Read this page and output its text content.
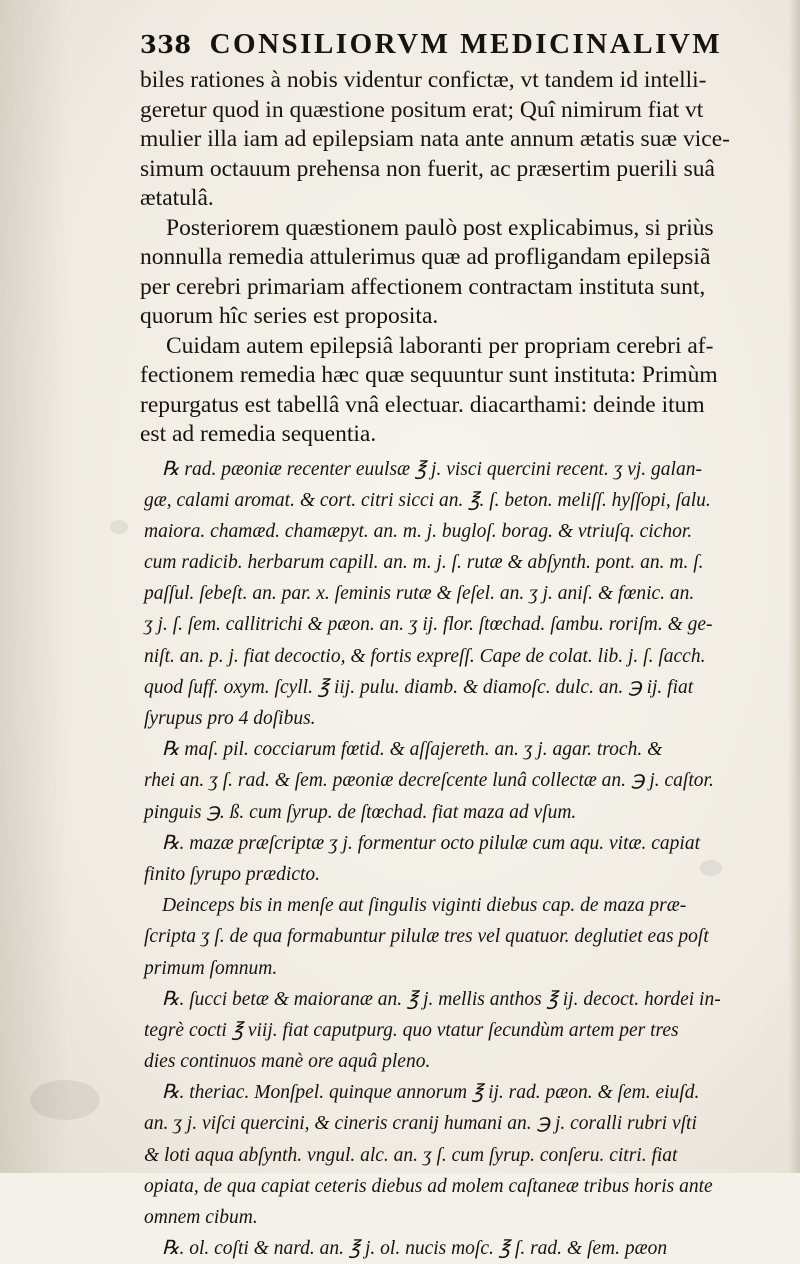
338 CONSILIORVM MEDICINALIVM
biles rationes à nobis videntur confictæ, vt tandem id intelli-
geretur quod in quæstione positum erat; Quî nimirum fiat vt
mulier illa iam ad epilepsiam nata ante annum ætatis suæ vice-
simum octauum prehensa non fuerit, ac præsertim puerili suâ
ætatulâ.
Posteriorem quæstionem paulò post explicabimus, si priùs
nonnulla remedia attulerimus quæ ad profligandam epilepsiã
per cerebri primariam affectionem contractam instituta sunt,
quorum hîc series est proposita.
Cuidam autem epilepsiâ laboranti per propriam cerebri af-
fectionem remedia hæc quæ sequuntur sunt instituta: Primùm
repurgatus est tabellâ vnâ electuar. diacarthami: deinde itum
est ad remedia sequentia.
℞ rad. pæoniæ recenter euulsæ ℥ j. visci quercini recent. ʒ vj. galan-
gæ, calami aromat. & cort. citri sicci an. ℥. ſ. beton. meliſſ. hyſſopi, ſalu.
maiora. chamæd. chamæpyt. an. m. j. bugloſ. borag. & vtriuſq. cichor.
cum radicib. herbarum capill. an. m. j. ſ. rutæ & abſynth. pont. an. m. ſ.
paſſul. ſebeſt. an. par. x. ſeminis rutæ & ſeſel. an. ʒ j. aniſ. & fœnic. an.
ʒ j. ſ. ſem. callitrichi & pæon. an. ʒ ij. flor. ſtœchad. ſambu. roriſm. & ge-
niſt. an. p. j. fiat decoctio, & fortis expreſſ. Cape de colat. lib. j. ſ. ſacch.
quod ſuff. oxym. ſcyll. ℥ iij. pulu. diamb. & diamoſc. dulc. an. ℈ ij. fiat
ſyrupus pro 4 doſibus.
℞ maſ. pil. cocciarum fœtid. & aſſajereth. an. ʒ j. agar. troch. &
rhei an. ʒ ſ. rad. & ſem. pæoniæ decreſcente lunâ collectæ an. ℈ j. caſtor.
pinguis ℈. ß. cum ſyrup. de ſtœchad. fiat maza ad vſum.
℞. mazæ præſcriptæ ʒ j. formentur octo pilulæ cum aqu. vitæ. capiat
finito ſyrupo prædicto.
Deinceps bis in menſe aut ſingulis viginti diebus cap. de maza præ-
ſcripta ʒ ſ. de qua formabuntur pilulæ tres vel quatuor. deglutiet eas poſt
primum ſomnum.
℞. ſucci betæ & maioranæ an. ℥ j. mellis anthos ℥ ij. decoct. hordei in-
tegrè cocti ℥ viij. fiat caputpurg. quo vtatur ſecundùm artem per tres
dies continuos manè ore aquâ pleno.
℞. theriac. Monſpel. quinque annorum ℥ ij. rad. pæon. & ſem. eiuſd.
an. ʒ j. viſci quercini, & cineris cranij humani an. ℈ j. coralli rubri vſti
& loti aqua abſynth. vngul. alc. an. ʒ ſ. cum ſyrup. conſeru. citri. fiat
opiata, de qua capiat ceteris diebus ad molem caſtaneæ tribus horis ante
omnem cibum.
℞. ol. coſti & nard. an. ℥ j. ol. nucis moſc. ℥ ſ. rad. & ſem. pæon
